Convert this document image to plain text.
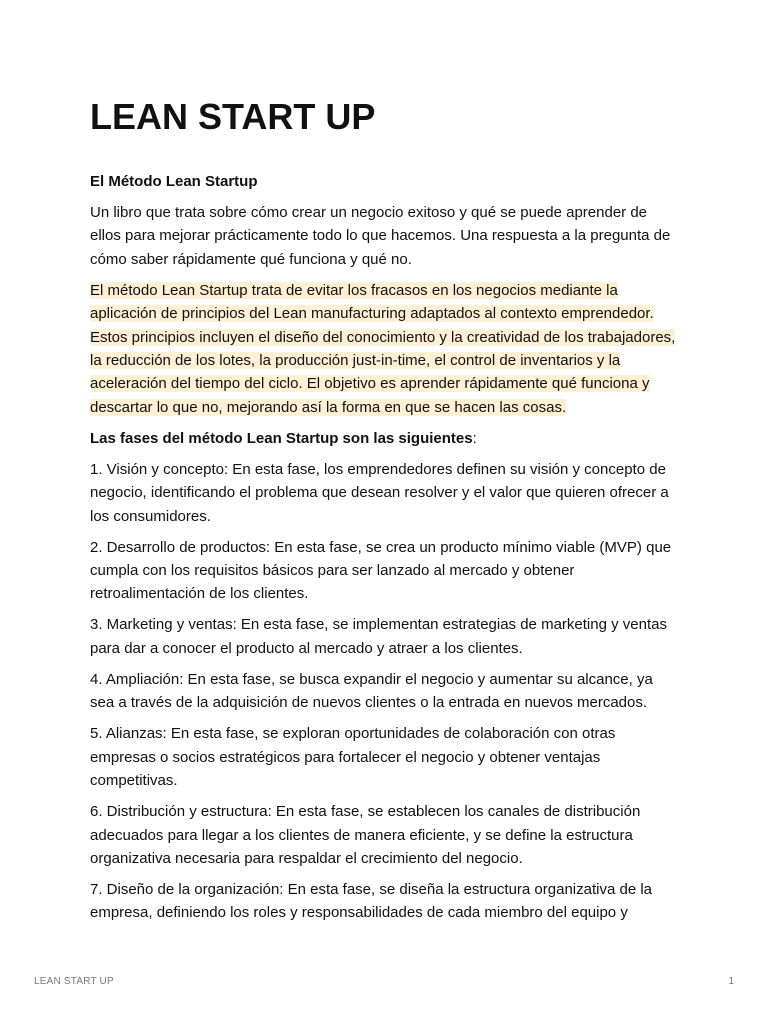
LEAN START UP

El Método Lean Startup

Un libro que trata sobre cómo crear un negocio exitoso y qué se puede aprender de ellos para mejorar prácticamente todo lo que hacemos. Una respuesta a la pregunta de cómo saber rápidamente qué funciona y qué no.

El método Lean Startup trata de evitar los fracasos en los negocios mediante la aplicación de principios del Lean manufacturing adaptados al contexto emprendedor. Estos principios incluyen el diseño del conocimiento y la creatividad de los trabajadores, la reducción de los lotes, la producción just-in-time, el control de inventarios y la aceleración del tiempo del ciclo. El objetivo es aprender rápidamente qué funciona y descartar lo que no, mejorando así la forma en que se hacen las cosas.

Las fases del método Lean Startup son las siguientes:

1. Visión y concepto: En esta fase, los emprendedores definen su visión y concepto de negocio, identificando el problema que desean resolver y el valor que quieren ofrecer a los consumidores.

2. Desarrollo de productos: En esta fase, se crea un producto mínimo viable (MVP) que cumpla con los requisitos básicos para ser lanzado al mercado y obtener retroalimentación de los clientes.

3. Marketing y ventas: En esta fase, se implementan estrategias de marketing y ventas para dar a conocer el producto al mercado y atraer a los clientes.

4. Ampliación: En esta fase, se busca expandir el negocio y aumentar su alcance, ya sea a través de la adquisición de nuevos clientes o la entrada en nuevos mercados.

5. Alianzas: En esta fase, se exploran oportunidades de colaboración con otras empresas o socios estratégicos para fortalecer el negocio y obtener ventajas competitivas.

6. Distribución y estructura: En esta fase, se establecen los canales de distribución adecuados para llegar a los clientes de manera eficiente, y se define la estructura organizativa necesaria para respaldar el crecimiento del negocio.

7. Diseño de la organización: En esta fase, se diseña la estructura organizativa de la empresa, definiendo los roles y responsabilidades de cada miembro del equipo y

LEAN START UP	1
